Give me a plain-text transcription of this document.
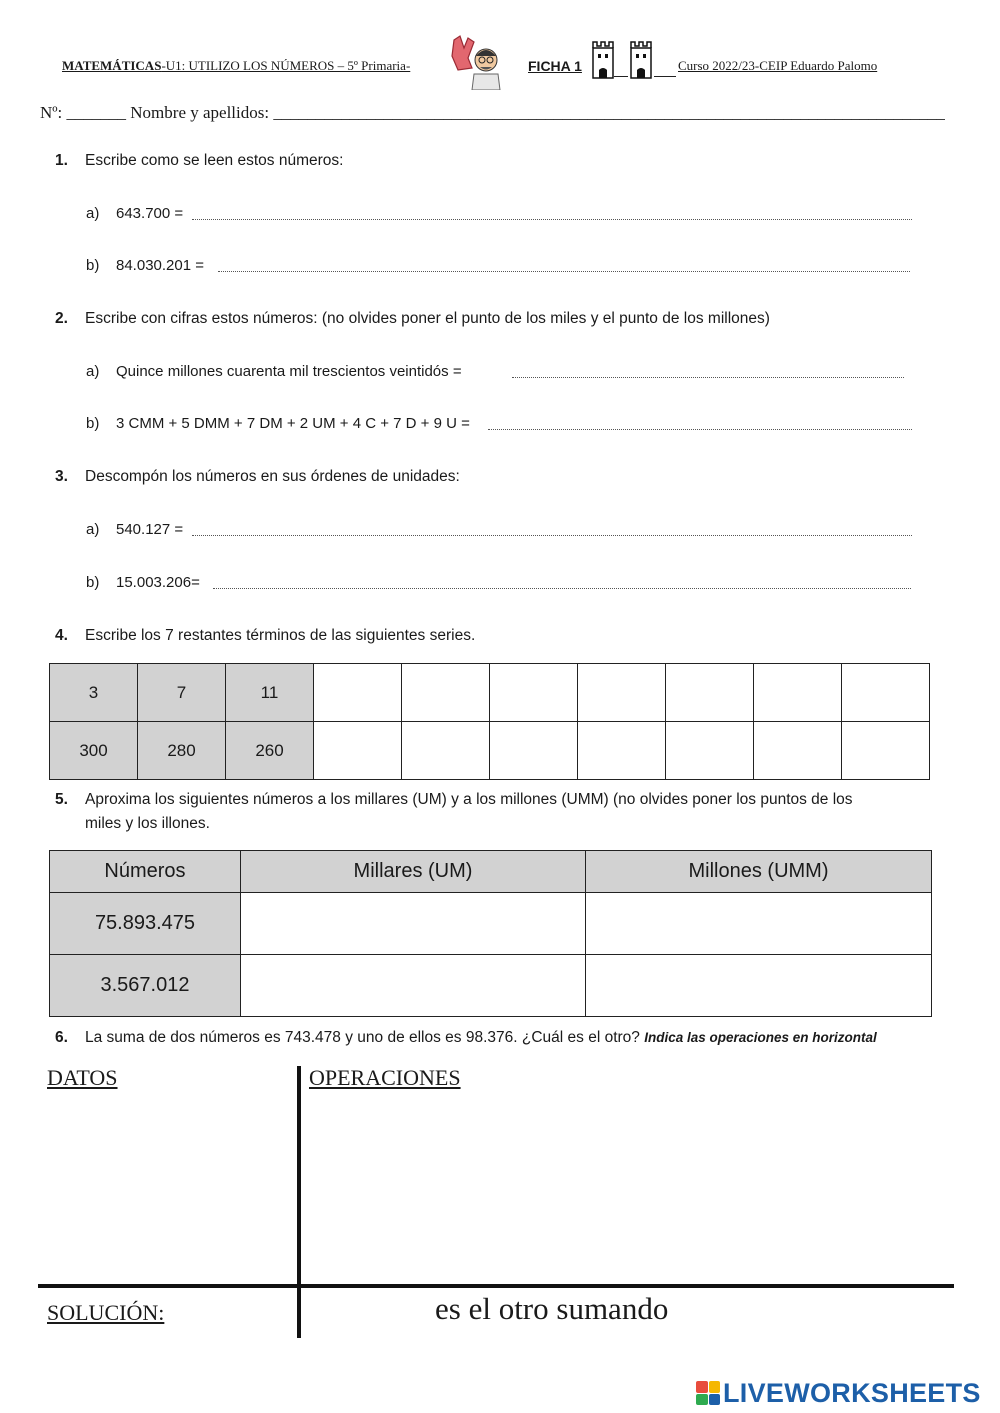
MATEMÁTICAS-U1: UTILIZO LOS NÚMEROS – 5º Primaria-	FICHA 1	Curso 2022/23-CEIP Eduardo Palomo
Nº: _______ Nombre y apellidos: _______________________________________________________________________________
1. Escribe como se leen estos números:
a) 643.700 =
b) 84.030.201 =
2. Escribe con cifras estos números: (no olvides poner el punto de los miles y el punto de los millones)
a) Quince millones cuarenta mil trescientos veintidós =
b) 3 CMM + 5 DMM + 7 DM + 2 UM + 4 C + 7 D + 9 U =
3. Descompón los números en sus órdenes de unidades:
a) 540.127 =
b) 15.003.206=
4. Escribe los 7 restantes términos de las siguientes series.
3	7	11							
300	280	260							
5. Aproxima los siguientes números a los millares (UM) y a los millones (UMM) (no olvides poner los puntos de los
miles y los illones.
Números	Millares (UM)	Millones (UMM)
75.893.475		
3.567.012		
6. La suma de dos números es 743.478 y uno de ellos es 98.376. ¿Cuál es el otro? Indica las operaciones en horizontal
DATOS	OPERACIONES
SOLUCIÓN:	es el otro sumando
LIVEWORKSHEETS
